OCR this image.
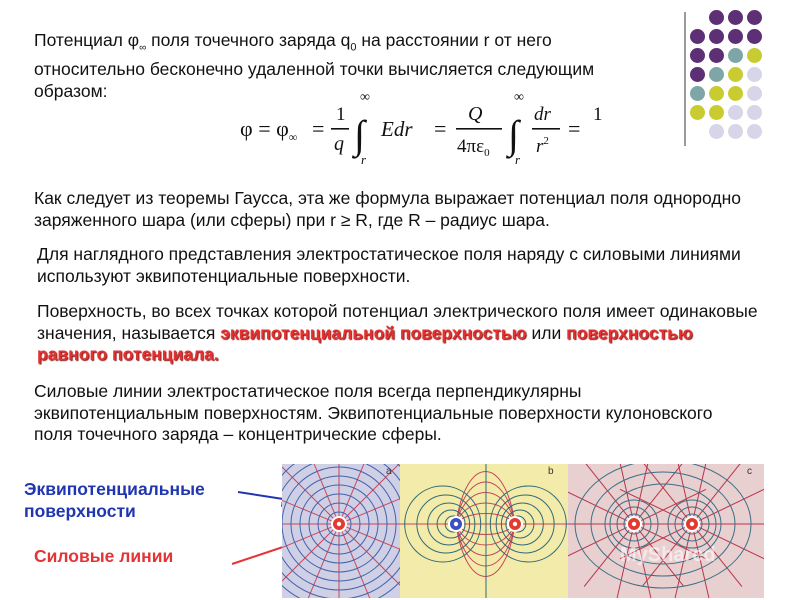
Потенциал $\varphi_\infty$ поля точечного заряда $q_0$ на расстоянии r от него относительно бесконечно удаленной точки вычисляется следующим образом:

$\varphi = \varphi_\infty$ =
1
q
∞
∫
r
Edr =
Q
$4\pi\varepsilon_0$
∞
∫
r
dr
$r^2$ =
1

Как следует из теоремы Гаусса, эта же формула выражает потенциал поля однородно заряженного шара (или сферы) при r ≥ R, где R – радиус шара.

Для наглядного представления электростатическое поля наряду с силовыми линиями используют эквипотенциальные поверхности.

Поверхность, во всех точках которой потенциал электрического поля имеет одинаковые значения, называется эквипотенциальной поверхностью или поверхностью равного потенциала.

Силовые линии электростатическое поля всегда перпендикулярны эквипотенциальным поверхностям. Эквипотенциальные поверхности кулоновского поля точечного заряда – концентрические сферы.

Эквипотенциальные поверхности
Силовые линии
a	b	c
MyShared
